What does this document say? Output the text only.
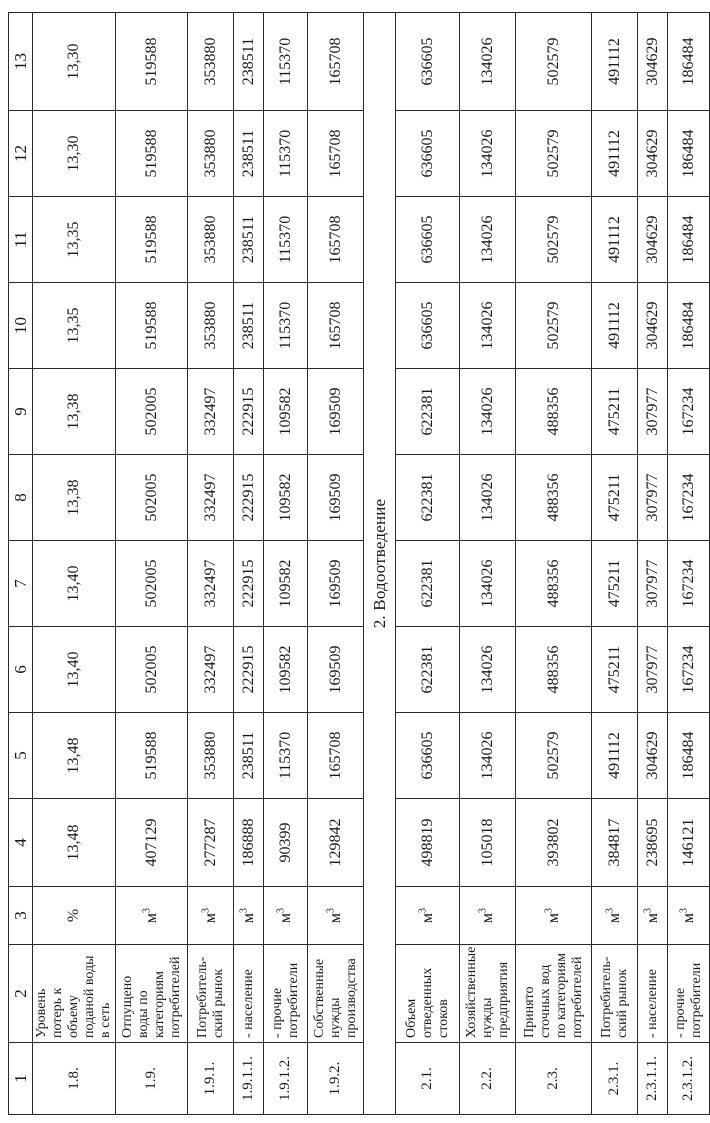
1	2	3	4	5	6	7	8	9	10	11	12	13
1.8.	Уровень потерь к объему поданой воды в сеть	%	13,48	13,48	13,40	13,40	13,38	13,38	13,35	13,35	13,30	13,30
1.9.	Отпущено воды по категориям потребителей	$м^3$	407129	519588	502005	502005	502005	502005	519588	519588	519588	519588
1.9.1.	Потребитель-ский рынок	$м^3$	277287	353880	332497	332497	332497	332497	353880	353880	353880	353880
1.9.1.1.	- население	$м^3$	186888	238511	222915	222915	222915	222915	238511	238511	238511	238511
1.9.1.2.	- прочие потребители	$м^3$	90399	115370	109582	109582	109582	109582	115370	115370	115370	115370
1.9.2.	Собственные нужды производства	$м^3$	129842	165708	169509	169509	169509	169509	165708	165708	165708	165708
2. Водоотведение												
2.1.	Объем отведенных стоков	$м^3$	498819	636605	622381	622381	622381	622381	636605	636605	636605	636605
2.2.	Хозяйственные нужды предприятия	$м^3$	105018	134026	134026	134026	134026	134026	134026	134026	134026	134026
2.3.	Принято сточных вод по категориям потребителей	$м^3$	393802	502579	488356	488356	488356	488356	502579	502579	502579	502579
2.3.1.	Потребитель-ский рынок	$м^3$	384817	491112	475211	475211	475211	475211	491112	491112	491112	491112
2.3.1.1.	- население	$м^3$	238695	304629	307977	307977	307977	307977	304629	304629	304629	304629
2.3.1.2.	- прочие потребители	$м^3$	146121	186484	167234	167234	167234	167234	186484	186484	186484	186484
